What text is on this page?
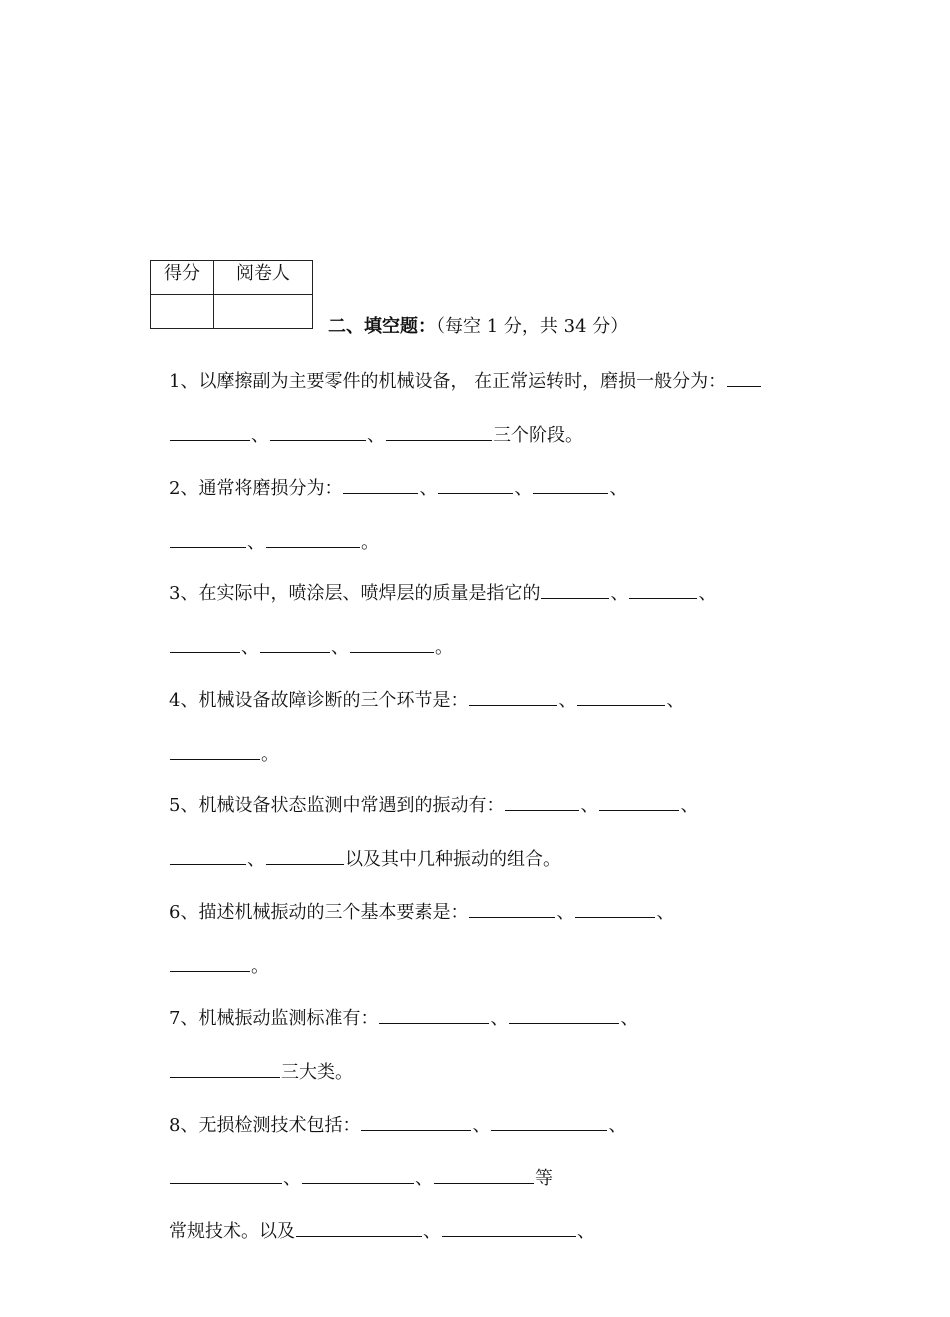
得分	阅卷人

二、填空题：（每空 1 分，共 34 分）
1、以摩擦副为主要零件的机械设备， 在正常运转时，磨损一般分为：
、	、	三个阶段。
2、通常将磨损分为：	、	、	、
、	。
3、在实际中，喷涂层、喷焊层的质量是指它的	、	、
、	、	。
4、机械设备故障诊断的三个环节是：	、	、
。
5、机械设备状态监测中常遇到的振动有：	、	、
、	以及其中几种振动的组合。
6、描述机械振动的三个基本要素是：	、	、
。
7、机械振动监测标准有：	、	、
三大类。
8、无损检测技术包括：	、	、
、	、	等
常规技术。以及	、	、
